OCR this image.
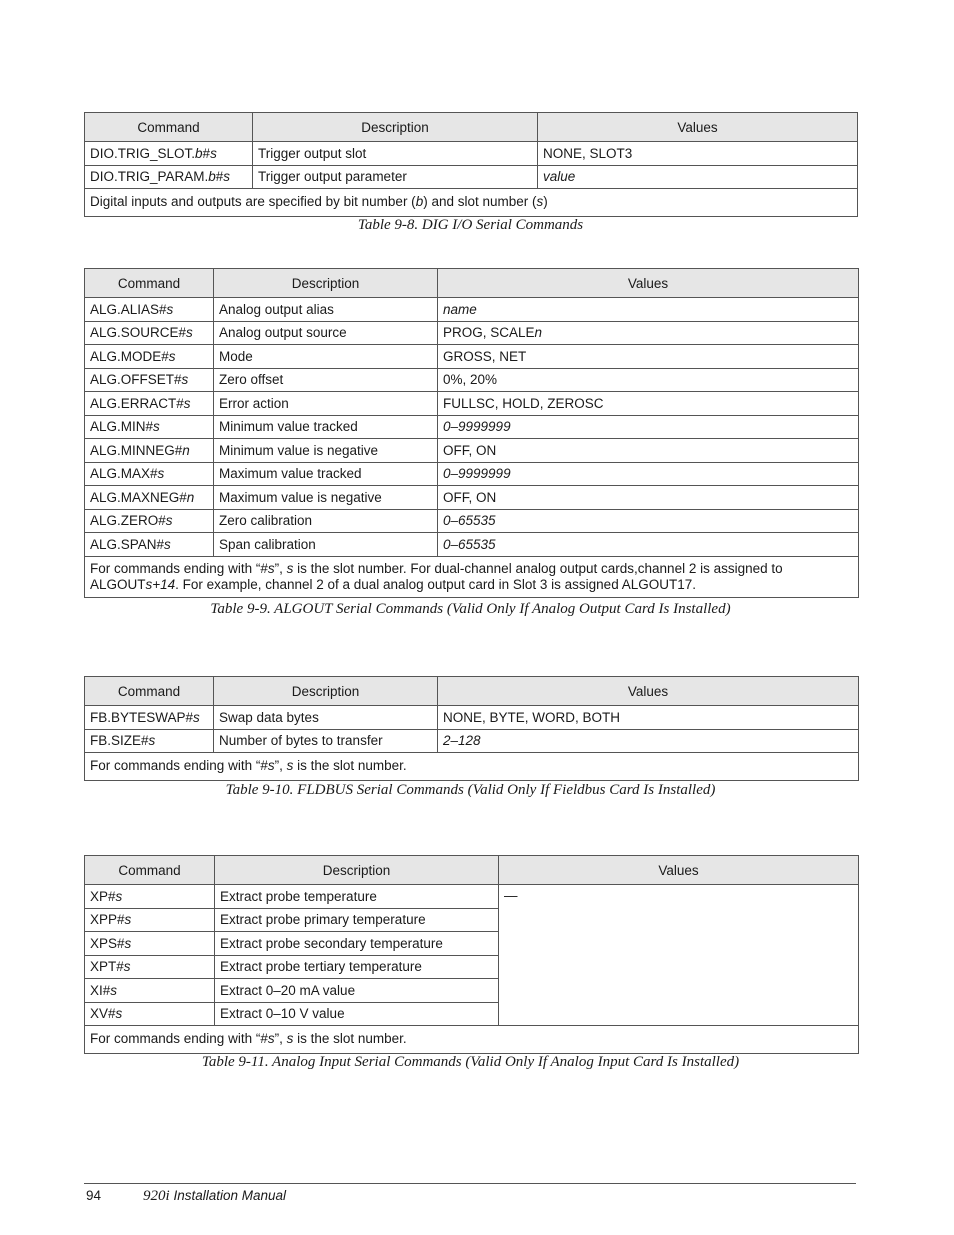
Command	Description	Values
DIO.TRIG_SLOT.b#s	Trigger output slot	NONE, SLOT3
DIO.TRIG_PARAM.b#s	Trigger output parameter	value
Digital inputs and outputs are specified by bit number (b) and slot number (s)		
Table 9-8. DIG I/O Serial Commands
Command	Description	Values
ALG.ALIAS#s	Analog output alias	name
ALG.SOURCE#s	Analog output source	PROG, SCALEn
ALG.MODE#s	Mode	GROSS, NET
ALG.OFFSET#s	Zero offset	0%, 20%
ALG.ERRACT#s	Error action	FULLSC, HOLD, ZEROSC
ALG.MIN#s	Minimum value tracked	0–9999999
ALG.MINNEG#n	Minimum value is negative	OFF, ON
ALG.MAX#s	Maximum value tracked	0–9999999
ALG.MAXNEG#n	Maximum value is negative	OFF, ON
ALG.ZERO#s	Zero calibration	0–65535
ALG.SPAN#s	Span calibration	0–65535
For commands ending with “#s”, s is the slot number. For dual-channel analog output cards,channel 2 is assigned to ALGOUTs+14. For example, channel 2 of a dual analog output card in Slot 3 is assigned ALGOUT17.		
Table 9-9. ALGOUT Serial Commands (Valid Only If Analog Output Card Is Installed)
Command	Description	Values
FB.BYTESWAP#s	Swap data bytes	NONE, BYTE, WORD, BOTH
FB.SIZE#s	Number of bytes to transfer	2–128
For commands ending with “#s”, s is the slot number.		
Table 9-10. FLDBUS Serial Commands (Valid Only If Fieldbus Card Is Installed)
Command	Description	Values
XP#s	Extract probe temperature	—
XPP#s	Extract probe primary temperature	
XPS#s	Extract probe secondary temperature	
XPT#s	Extract probe tertiary temperature	
XI#s	Extract 0–20 mA value	
XV#s	Extract 0–10 V value	
For commands ending with “#s”, s is the slot number.		
Table 9-11. Analog Input Serial Commands (Valid Only If Analog Input Card Is Installed)
94	920i Installation Manual
